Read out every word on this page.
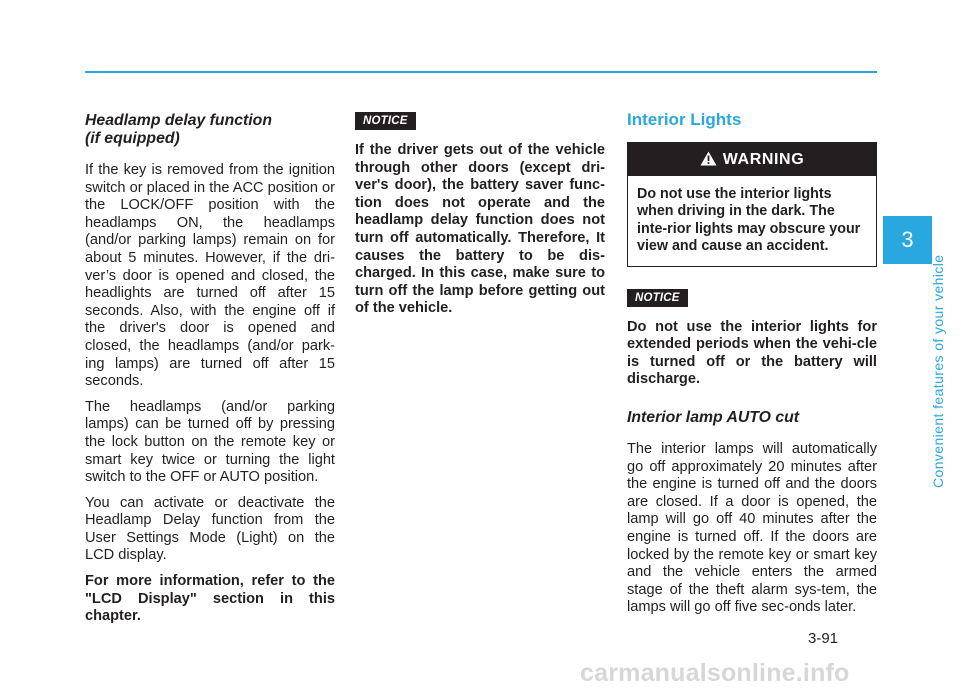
Headlamp delay function
(if equipped)

If the key is removed from the ignition switch or placed in the ACC position or the LOCK/OFF position with the headlamps ON, the headlamps (and/or parking lamps) remain on for about 5 minutes. However, if the dri-ver’s door is opened and closed, the headlights are turned off after 15 seconds. Also, with the engine off if the driver's door is opened and closed, the headlamps (and/or park-ing lamps) are turned off after 15 seconds.

The headlamps (and/or parking lamps) can be turned off by pressing the lock button on the remote key or smart key twice or turning the light switch to the OFF or AUTO position.

You can activate or deactivate the Headlamp Delay function from the User Settings Mode (Light) on the LCD display.

For more information, refer to the "LCD Display" section in this chapter.

NOTICE

If the driver gets out of the vehicle through other doors (except dri-ver's door), the battery saver func-tion does not operate and the headlamp delay function does not turn off automatically. Therefore, It causes the battery to be dis-charged. In this case, make sure to turn off the lamp before getting out of the vehicle.

Interior Lights
WARNING
Do not use the interior lights when driving in the dark. The inte-rior lights may obscure your view and cause an accident.
NOTICE

Do not use the interior lights for extended periods when the vehi-cle is turned off or the battery will discharge.

Interior lamp AUTO cut

The interior lamps will automatically go off approximately 20 minutes after the engine is turned off and the doors are closed. If a door is opened, the lamp will go off 40 minutes after the engine is turned off. If the doors are locked by the remote key or smart key and the vehicle enters the armed stage of the theft alarm sys-tem, the lamps will go off five sec-onds later.

3
Convenient features of your vehicle
3-91
carmanualsonline.info
